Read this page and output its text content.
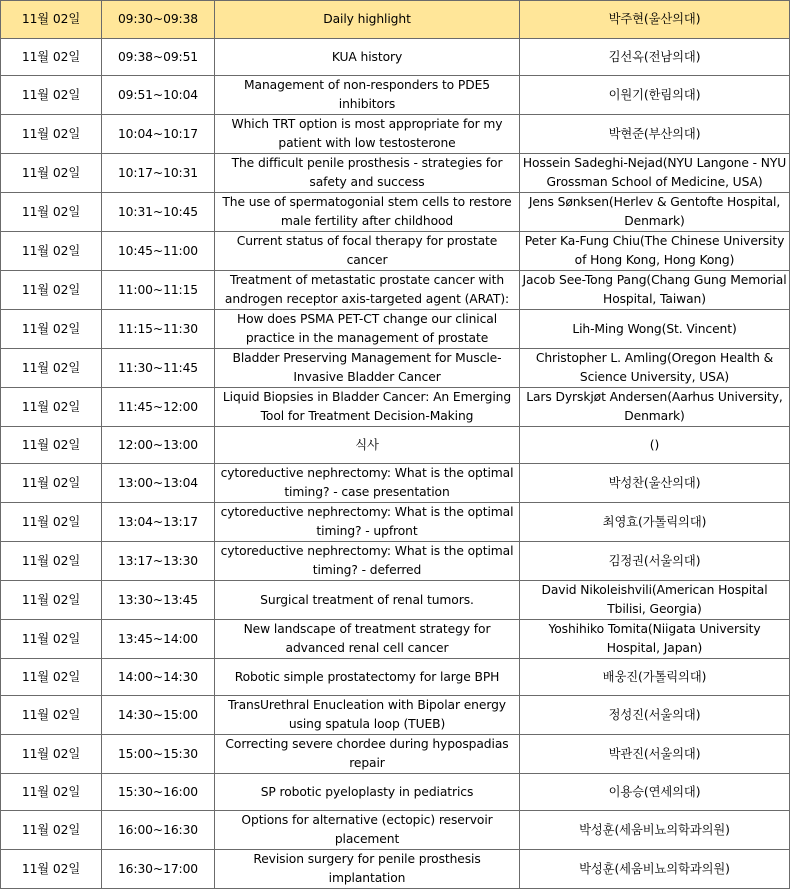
11월 02일	09:30~09:38	Daily highlight	박주현(울산의대)
11월 02일	09:38~09:51	KUA history	김선옥(전남의대)
11월 02일	09:51~10:04	Management of non-responders to PDE5 inhibitors	이원기(한림의대)
11월 02일	10:04~10:17	Which TRT option is most appropriate for my patient with low testosterone	박현준(부산의대)
11월 02일	10:17~10:31	The difficult penile prosthesis - strategies for safety and success	Hossein Sadeghi-Nejad(NYU Langone - NYU Grossman School of Medicine, USA)
11월 02일	10:31~10:45	The use of spermatogonial stem cells to restore male fertility after childhood	Jens Sønksen(Herlev & Gentofte Hospital, Denmark)
11월 02일	10:45~11:00	Current status of focal therapy for prostate cancer	Peter Ka-Fung Chiu(The Chinese University of Hong Kong, Hong Kong)
11월 02일	11:00~11:15	Treatment of metastatic prostate cancer with androgen receptor axis-targeted agent (ARAT):	Jacob See-Tong Pang(Chang Gung Memorial Hospital, Taiwan)
11월 02일	11:15~11:30	How does PSMA PET-CT change our clinical practice in the management of prostate	Lih-Ming Wong(St. Vincent)
11월 02일	11:30~11:45	Bladder Preserving Management for Muscle-Invasive Bladder Cancer	Christopher L. Amling(Oregon Health & Science University, USA)
11월 02일	11:45~12:00	Liquid Biopsies in Bladder Cancer: An Emerging Tool for Treatment Decision-Making	Lars Dyrskjøt Andersen(Aarhus University, Denmark)
11월 02일	12:00~13:00	식사	()
11월 02일	13:00~13:04	cytoreductive nephrectomy: What is the optimal timing? - case presentation	박성찬(울산의대)
11월 02일	13:04~13:17	cytoreductive nephrectomy: What is the optimal timing? - upfront	최영효(가톨릭의대)
11월 02일	13:17~13:30	cytoreductive nephrectomy: What is the optimal timing? - deferred	김정권(서울의대)
11월 02일	13:30~13:45	Surgical treatment of renal tumors.	David Nikoleishvili(American Hospital Tbilisi, Georgia)
11월 02일	13:45~14:00	New landscape of treatment strategy for advanced renal cell cancer	Yoshihiko Tomita(Niigata University Hospital, Japan)
11월 02일	14:00~14:30	Robotic simple prostatectomy for large BPH	배웅진(가톨릭의대)
11월 02일	14:30~15:00	TransUrethral Enucleation with Bipolar energy using spatula loop (TUEB)	정성진(서울의대)
11월 02일	15:00~15:30	Correcting severe chordee during hypospadias repair	박관진(서울의대)
11월 02일	15:30~16:00	SP robotic pyeloplasty in pediatrics	이용승(연세의대)
11월 02일	16:00~16:30	Options for alternative (ectopic) reservoir placement	박성훈(세움비뇨의학과의원)
11월 02일	16:30~17:00	Revision surgery for penile prosthesis implantation	박성훈(세움비뇨의학과의원)
